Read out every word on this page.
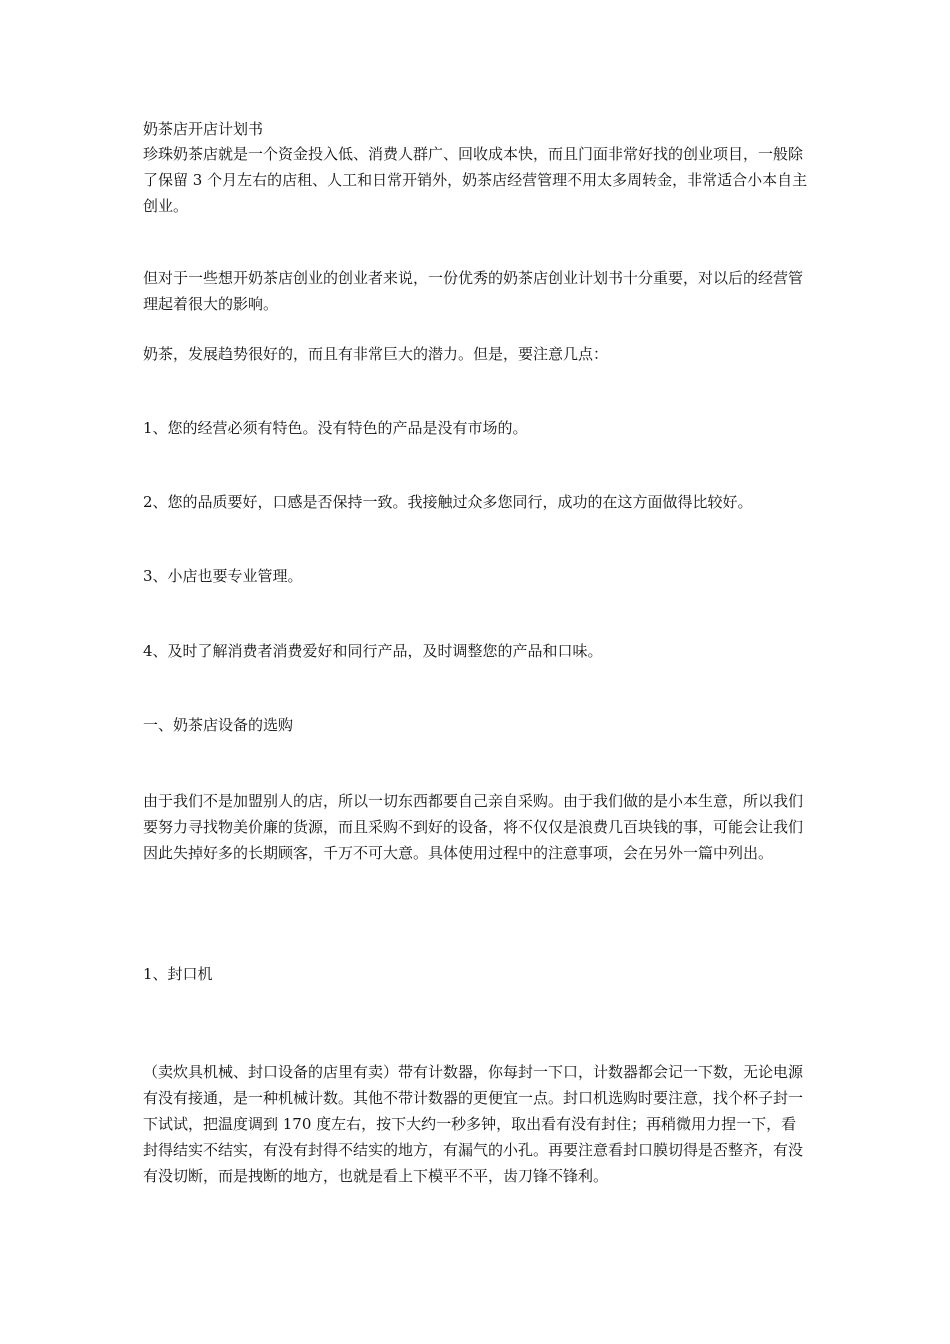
奶茶店开店计划书

珍珠奶茶店就是一个资金投入低、消费人群广、回收成本快，而且门面非常好找的创业项目，一般除了保留 3 个月左右的店租、人工和日常开销外，奶茶店经营管理不用太多周转金，非常适合小本自主创业。

但对于一些想开奶茶店创业的创业者来说，一份优秀的奶茶店创业计划书十分重要，对以后的经营管理起着很大的影响。

奶茶，发展趋势很好的，而且有非常巨大的潜力。但是，要注意几点：

1、您的经营必须有特色。没有特色的产品是没有市场的。

2、您的品质要好，口感是否保持一致。我接触过众多您同行，成功的在这方面做得比较好。

3、小店也要专业管理。

4、及时了解消费者消费爱好和同行产品，及时调整您的产品和口味。

一、奶茶店设备的选购

由于我们不是加盟别人的店，所以一切东西都要自己亲自采购。由于我们做的是小本生意，所以我们要努力寻找物美价廉的货源，而且采购不到好的设备，将不仅仅是浪费几百块钱的事，可能会让我们因此失掉好多的长期顾客，千万不可大意。具体使用过程中的注意事项，会在另外一篇中列出。

1、封口机

（卖炊具机械、封口设备的店里有卖）带有计数器，你每封一下口，计数器都会记一下数，无论电源有没有接通，是一种机械计数。其他不带计数器的更便宜一点。封口机选购时要注意，找个杯子封一下试试，把温度调到 170 度左右，按下大约一秒多钟，取出看有没有封住；再稍微用力捏一下，看封得结实不结实，有没有封得不结实的地方，有漏气的小孔。再要注意看封口膜切得是否整齐，有没有没切断，而是拽断的地方，也就是看上下模平不平，齿刀锋不锋利。
